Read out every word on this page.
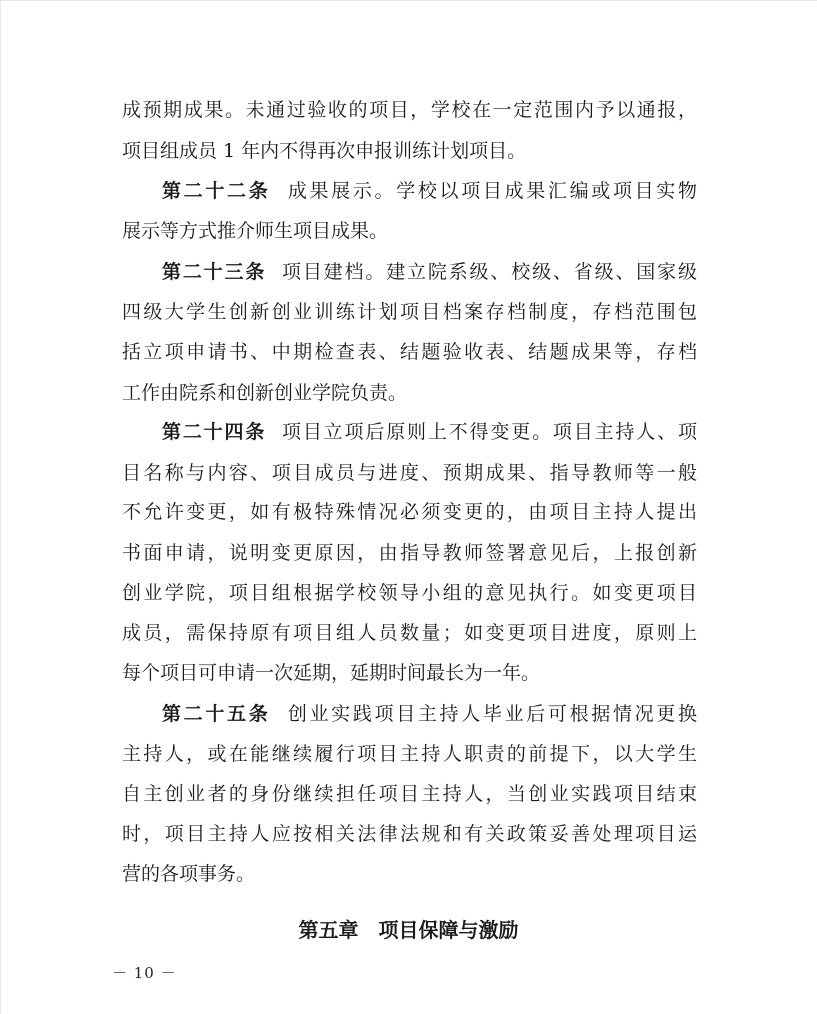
成预期成果。未通过验收的项目，学校在一定范围内予以通报，
项目组成员 1 年内不得再次申报训练计划项目。
第二十二条 成果展示。学校以项目成果汇编或项目实物
展示等方式推介师生项目成果。
第二十三条 项目建档。建立院系级、校级、省级、国家级
四级大学生创新创业训练计划项目档案存档制度，存档范围包
括立项申请书、中期检查表、结题验收表、结题成果等，存档
工作由院系和创新创业学院负责。
第二十四条 项目立项后原则上不得变更。项目主持人、项
目名称与内容、项目成员与进度、预期成果、指导教师等一般
不允许变更，如有极特殊情况必须变更的，由项目主持人提出
书面申请，说明变更原因，由指导教师签署意见后，上报创新
创业学院，项目组根据学校领导小组的意见执行。如变更项目
成员，需保持原有项目组人员数量；如变更项目进度，原则上
每个项目可申请一次延期，延期时间最长为一年。
第二十五条 创业实践项目主持人毕业后可根据情况更换
主持人，或在能继续履行项目主持人职责的前提下，以大学生
自主创业者的身份继续担任项目主持人，当创业实践项目结束
时，项目主持人应按相关法律法规和有关政策妥善处理项目运
营的各项事务。
第五章 项目保障与激励
－ 10 －
